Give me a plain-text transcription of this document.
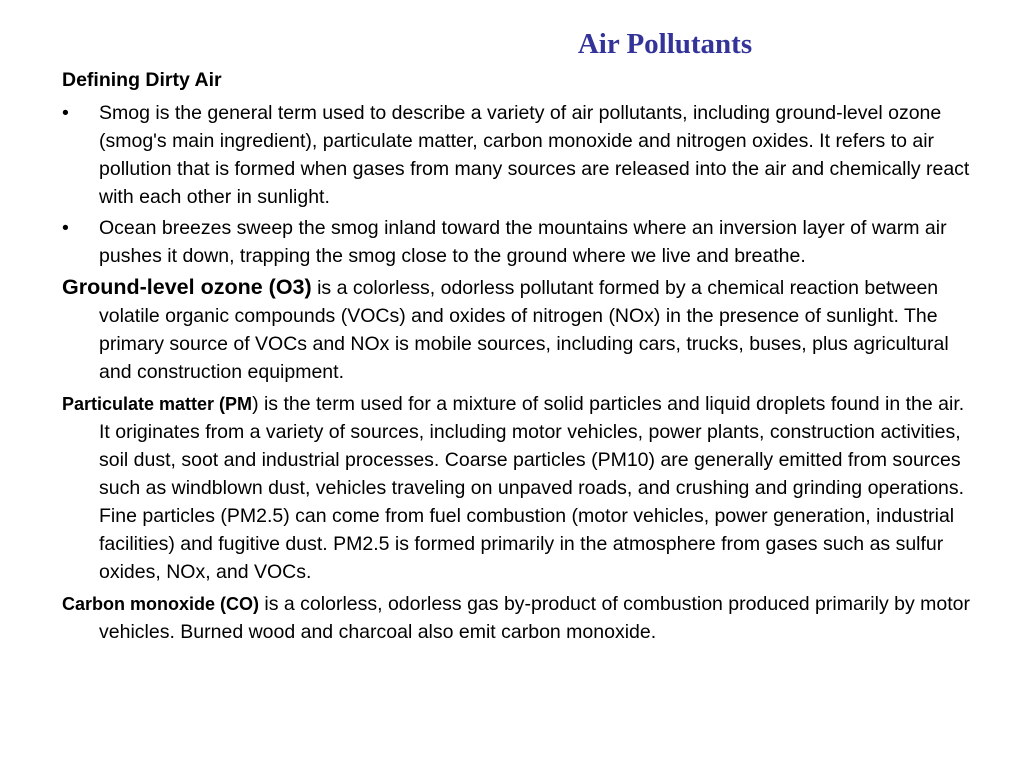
Air Pollutants
Defining Dirty Air
• Smog is the general term used to describe a variety of air pollutants, including ground-level ozone (smog's main ingredient), particulate matter, carbon monoxide and nitrogen oxides. It refers to air pollution that is formed when gases from many sources are released into the air and chemically react with each other in sunlight.
• Ocean breezes sweep the smog inland toward the mountains where an inversion layer of warm air pushes it down, trapping the smog close to the ground where we live and breathe.
Ground-level ozone (O3) is a colorless, odorless pollutant formed by a chemical reaction between volatile organic compounds (VOCs) and oxides of nitrogen (NOx) in the presence of sunlight. The primary source of VOCs and NOx is mobile sources, including cars, trucks, buses, plus agricultural and construction equipment.
Particulate matter (PM) is the term used for a mixture of solid particles and liquid droplets found in the air. It originates from a variety of sources, including motor vehicles, power plants, construction activities, soil dust, soot and industrial processes. Coarse particles (PM10) are generally emitted from sources such as windblown dust, vehicles traveling on unpaved roads, and crushing and grinding operations. Fine particles (PM2.5) can come from fuel combustion (motor vehicles, power generation, industrial facilities) and fugitive dust. PM2.5 is formed primarily in the atmosphere from gases such as sulfur oxides, NOx, and VOCs.
Carbon monoxide (CO) is a colorless, odorless gas by-product of combustion produced primarily by motor vehicles. Burned wood and charcoal also emit carbon monoxide.
